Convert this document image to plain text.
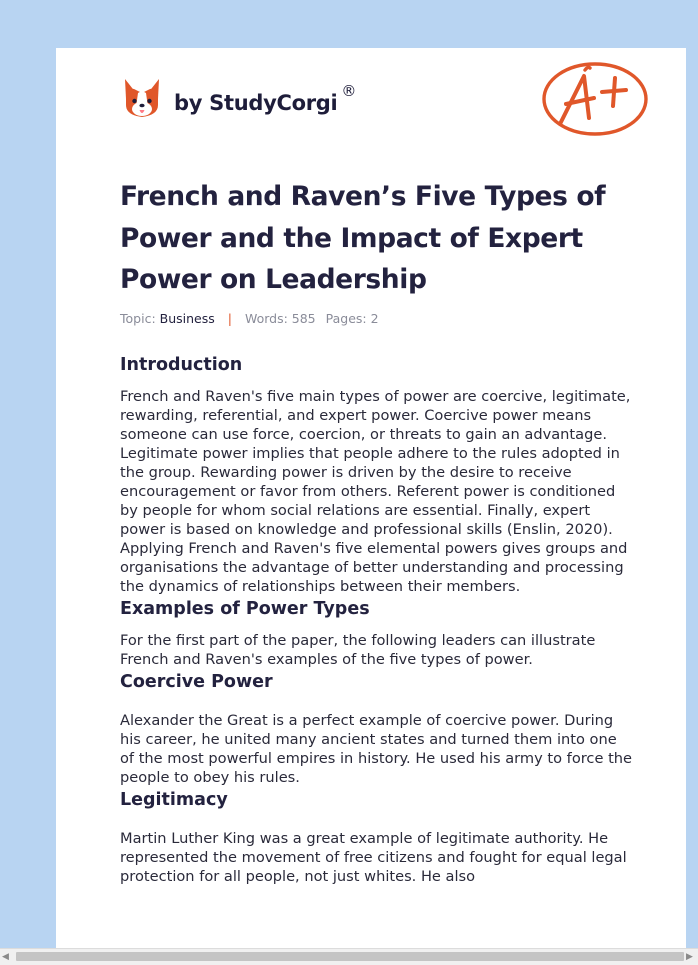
by StudyCorgi ®
French and Raven’s Five Types of Power and the Impact of Expert Power on Leadership
Topic: Business | Words: 585 Pages: 2
Introduction

French and Raven's five main types of power are coercive, legitimate, rewarding, referential, and expert power. Coercive power means someone can use force, coercion, or threats to gain an advantage. Legitimate power implies that people adhere to the rules adopted in the group. Rewarding power is driven by the desire to receive encouragement or favor from others. Referent power is conditioned by people for whom social relations are essential. Finally, expert power is based on knowledge and professional skills (Enslin, 2020). Applying French and Raven's five elemental powers gives groups and organisations the advantage of better understanding and processing the dynamics of relationships between their members.

Examples of Power Types

For the first part of the paper, the following leaders can illustrate French and Raven's examples of the five types of power.

Coercive Power

Alexander the Great is a perfect example of coercive power. During his career, he united many ancient states and turned them into one of the most powerful empires in history. He used his army to force the people to obey his rules.

Legitimacy

Martin Luther King was a great example of legitimate authority. He represented the movement of free citizens and fought for equal legal protection for all people, not just whites. He also

◀	▶
